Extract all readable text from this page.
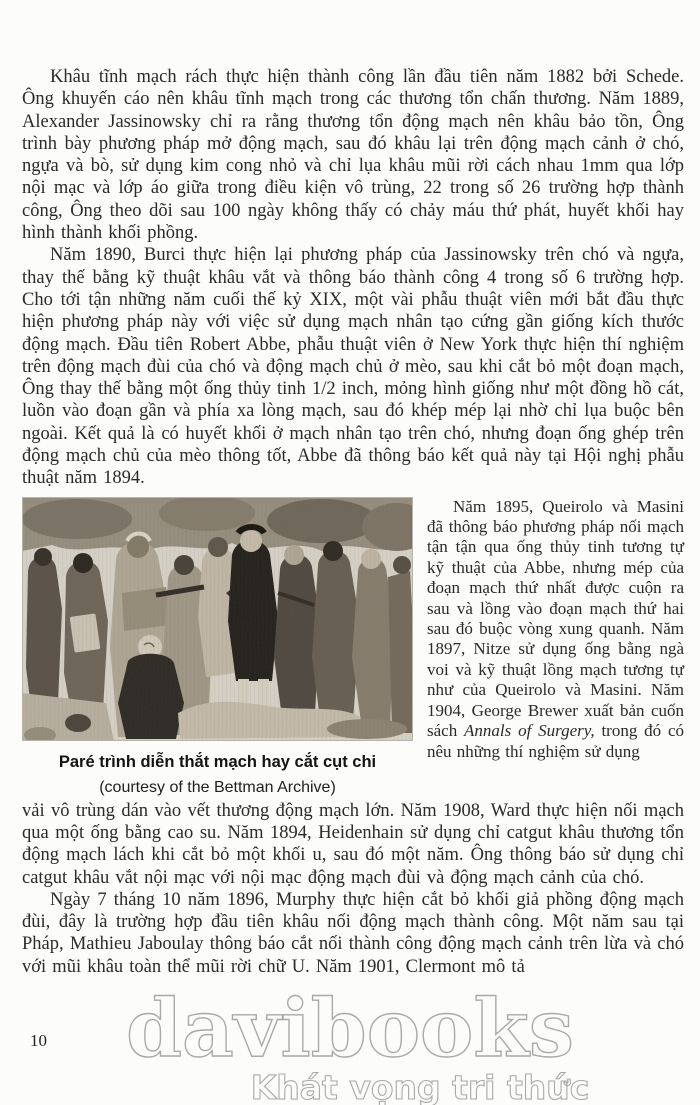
davibooks
Khát vọng tri thức

Khâu tĩnh mạch rách thực hiện thành công lần đầu tiên năm 1882 bởi Schede. Ông khuyến cáo nên khâu tĩnh mạch trong các thương tổn chấn thương. Năm 1889, Alexander Jassinowsky chỉ ra rằng thương tổn động mạch nên khâu bảo tồn, Ông trình bày phương pháp mở động mạch, sau đó khâu lại trên động mạch cảnh ở chó, ngựa và bò, sử dụng kim cong nhỏ và chỉ lụa khâu mũi rời cách nhau 1mm qua lớp nội mạc và lớp áo giữa trong điều kiện vô trùng, 22 trong số 26 trường hợp thành công, Ông theo dõi sau 100 ngày không thấy có chảy máu thứ phát, huyết khối hay hình thành khối phồng.

Năm 1890, Burci thực hiện lại phương pháp của Jassinowsky trên chó và ngựa, thay thế bằng kỹ thuật khâu vắt và thông báo thành công 4 trong số 6 trường hợp. Cho tới tận những năm cuối thế kỷ XIX, một vài phẫu thuật viên mới bắt đầu thực hiện phương pháp này với việc sử dụng mạch nhân tạo cứng gần giống kích thước động mạch. Đầu tiên Robert Abbe, phẫu thuật viên ở New York thực hiện thí nghiệm trên động mạch đùi của chó và động mạch chủ ở mèo, sau khi cắt bỏ một đoạn mạch, Ông thay thế bằng một ống thủy tinh 1/2 inch, mỏng hình giống như một đồng hồ cát, luồn vào đoạn gần và phía xa lòng mạch, sau đó khép mép lại nhờ chỉ lụa buộc bên ngoài. Kết quả là có huyết khối ở mạch nhân tạo trên chó, nhưng đoạn ống ghép trên động mạch chủ của mèo thông tốt, Abbe đã thông báo kết quả này tại Hội nghị phẫu thuật năm 1894.

Paré trình diễn thắt mạch hay cắt cụt chi
(courtesy of the Bettman Archive)
Năm 1895, Queirolo và Masini đã thông báo phương pháp nối mạch tận tận qua ống thủy tinh tương tự kỹ thuật của Abbe, nhưng mép của đoạn mạch thứ nhất được cuộn ra sau và lồng vào đoạn mạch thứ hai sau đó buộc vòng xung quanh. Năm 1897, Nitze sử dụng ống bằng ngà voi và kỹ thuật lồng mạch tương tự như của Queirolo và Masini. Năm 1904, George Brewer xuất bản cuốn sách Annals of Surgery, trong đó có nêu những thí nghiệm sử dụng

vải vô trùng dán vào vết thương động mạch lớn. Năm 1908, Ward thực hiện nối mạch qua một ống bằng cao su. Năm 1894, Heidenhain sử dụng chỉ catgut khâu thương tổn động mạch lách khi cắt bỏ một khối u, sau đó một năm. Ông thông báo sử dụng chỉ catgut khâu vắt nội mạc với nội mạc động mạch đùi và động mạch cảnh của chó.

Ngày 7 tháng 10 năm 1896, Murphy thực hiện cắt bỏ khối giả phồng động mạch đùi, đây là trường hợp đầu tiên khâu nối động mạch thành công. Một năm sau tại Pháp, Mathieu Jaboulay thông báo cắt nối thành công động mạch cảnh trên lừa và chó với mũi khâu toàn thể mũi rời chữ U. Năm 1901, Clermont mô tả

10
